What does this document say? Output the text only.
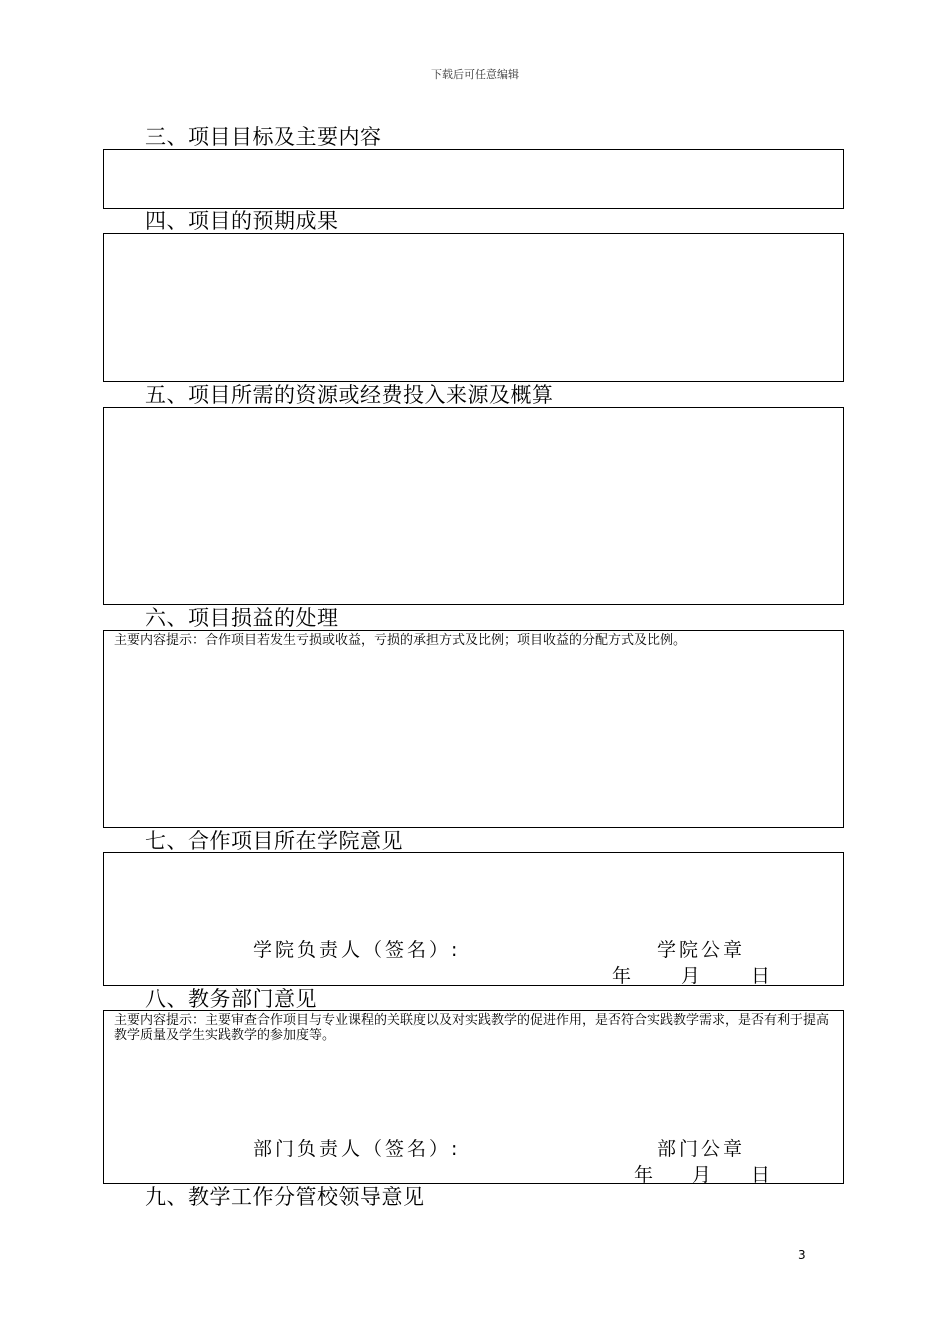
下载后可任意编辑
三、项目目标及主要内容
四、项目的预期成果
五、项目所需的资源或经费投入来源及概算
六、项目损益的处理
主要内容提示：合作项目若发生亏损或收益，亏损的承担方式及比例；项目收益的分配方式及比例。
七、合作项目所在学院意见
学院负责人（签名）:	学院公章
年	月	日
八、教务部门意见
主要内容提示：主要审查合作项目与专业课程的关联度以及对实践教学的促进作用，是否符合实践教学需求，是否有利于提高教学质量及学生实践教学的参加度等。
部门负责人（签名）:	部门公章
年 月 日
九、教学工作分管校领导意见
3
